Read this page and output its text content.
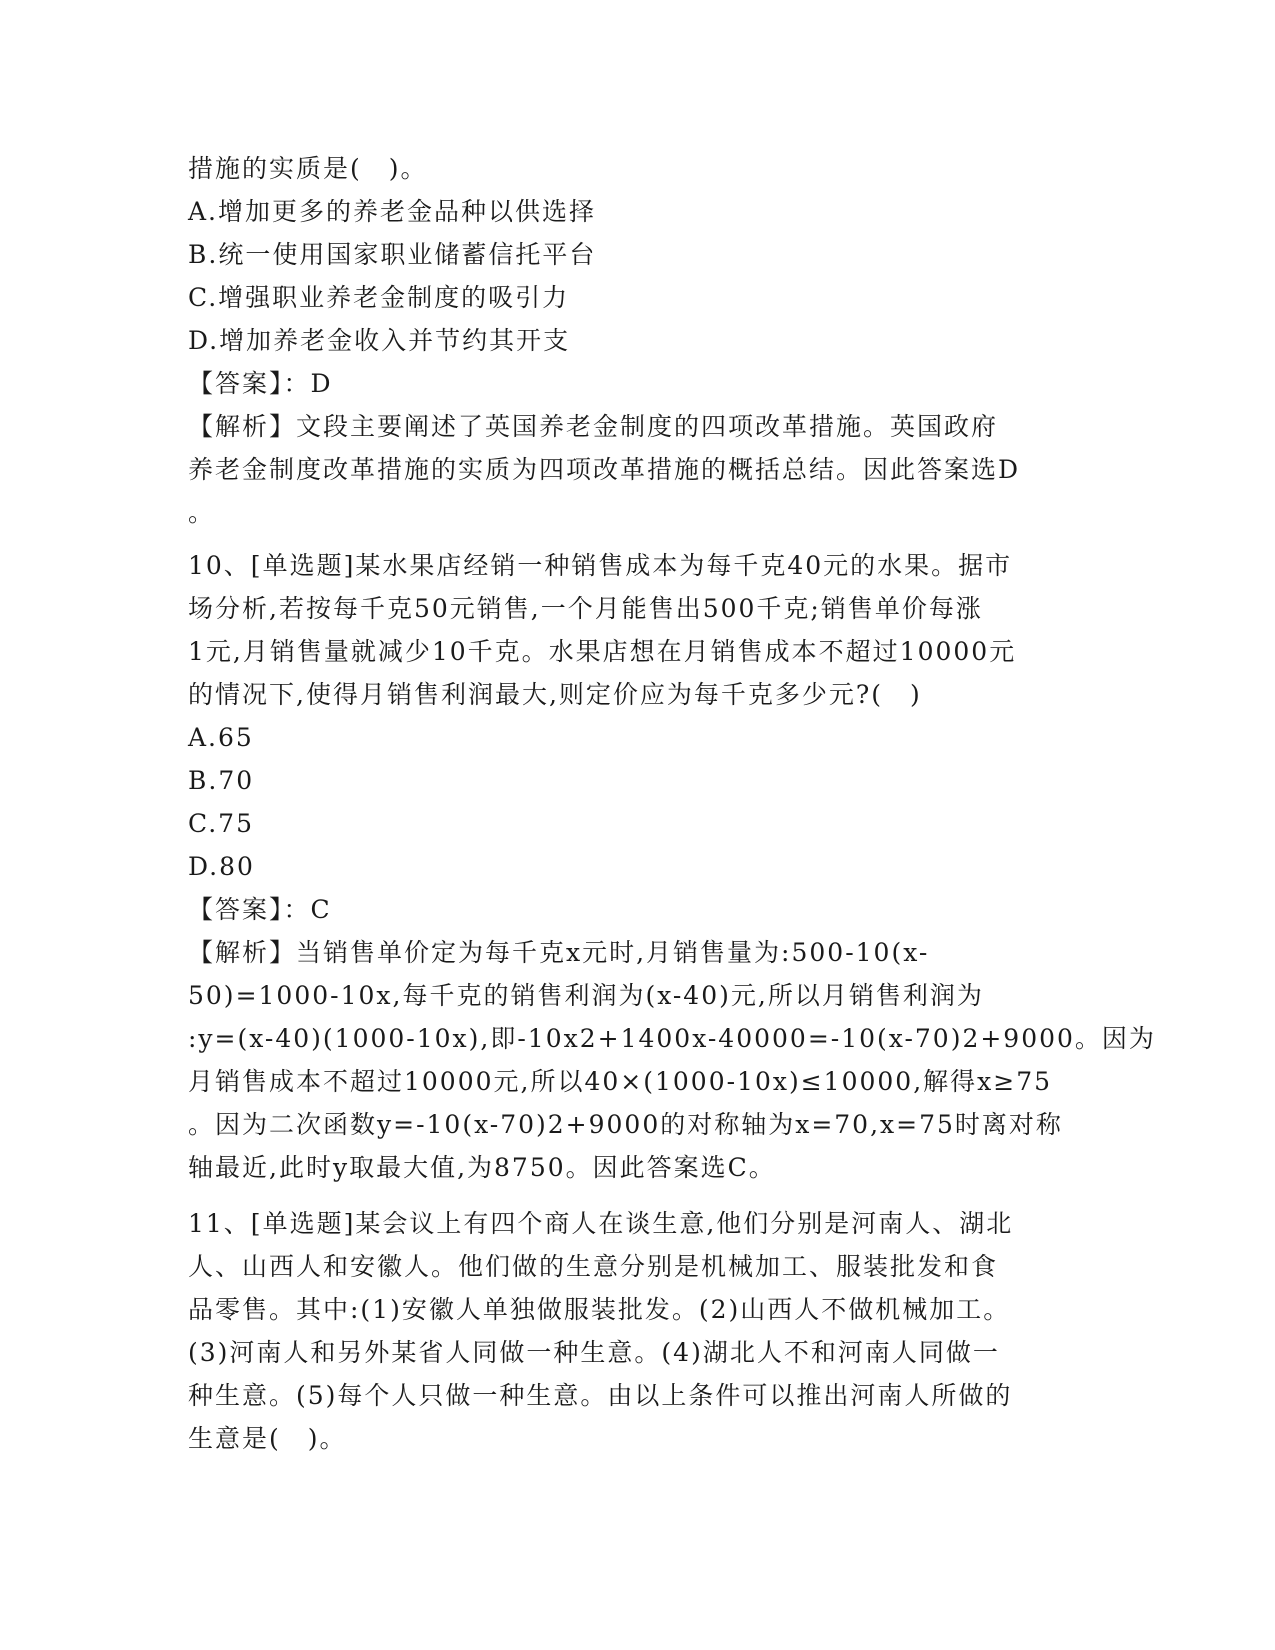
措施的实质是(　)。
A.增加更多的养老金品种以供选择
B.统一使用国家职业储蓄信托平台
C.增强职业养老金制度的吸引力
D.增加养老金收入并节约其开支
【答案】：D
【解析】文段主要阐述了英国养老金制度的四项改革措施。英国政府
养老金制度改革措施的实质为四项改革措施的概括总结。因此答案选D
。
10、[单选题]某水果店经销一种销售成本为每千克40元的水果。据市
场分析,若按每千克50元销售,一个月能售出500千克;销售单价每涨
1元,月销售量就减少10千克。水果店想在月销售成本不超过10000元
的情况下,使得月销售利润最大,则定价应为每千克多少元?(　)
A.65
B.70
C.75
D.80
【答案】：C
【解析】当销售单价定为每千克x元时,月销售量为:500-10(x-
50)=1000-10x,每千克的销售利润为(x-40)元,所以月销售利润为
:y=(x-40)(1000-10x),即-10x2+1400x-40000=-10(x-70)2+9000。因为
月销售成本不超过10000元,所以40×(1000-10x)≤10000,解得x≥75
。因为二次函数y=-10(x-70)2+9000的对称轴为x=70,x=75时离对称
轴最近,此时y取最大值,为8750。因此答案选C。
11、[单选题]某会议上有四个商人在谈生意,他们分别是河南人、湖北
人、山西人和安徽人。他们做的生意分别是机械加工、服装批发和食
品零售。其中:(1)安徽人单独做服装批发。(2)山西人不做机械加工。
(3)河南人和另外某省人同做一种生意。(4)湖北人不和河南人同做一
种生意。(5)每个人只做一种生意。由以上条件可以推出河南人所做的
生意是(　)。
